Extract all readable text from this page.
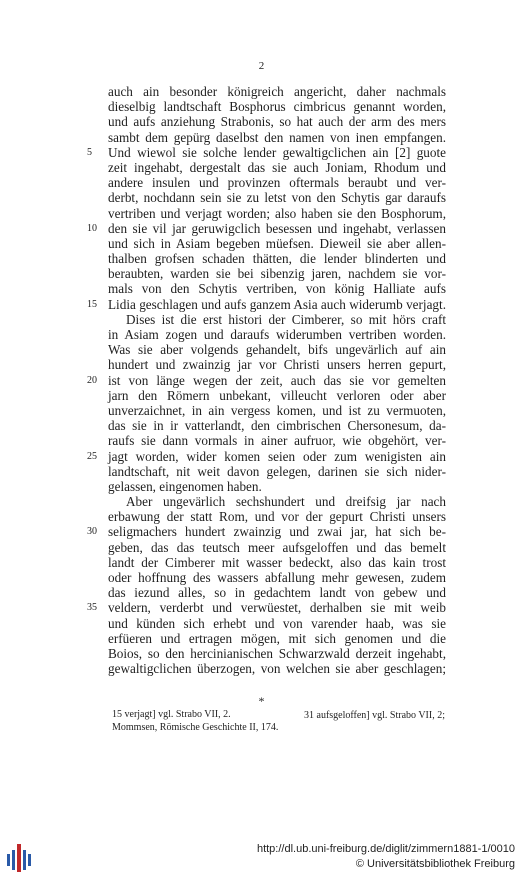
2
auch ain besonder königreich angericht, daher nachmals
dieselbig landtschaft Bosphorus cimbricus genannt worden,
und aufs anziehung Strabonis, so hat auch der arm des mers
sambt dem gepürg daselbst den namen von inen empfangen.
Und wiewol sie solche lender gewaltigclichen ain [2] guote
5
zeit ingehabt, dergestalt das sie auch Joniam, Rhodum und
andere insulen und provinzen oftermals beraubt und ver-
derbt, nochdann sein sie zu letst von den Schytis gar daraufs
vertriben und verjagt worden; also haben sie den Bosphorum,
den sie vil jar geruwigclich besessen und ingehabt, verlassen
10
und sich in Asiam begeben müefsen. Dieweil sie aber allen-
thalben grofsen schaden thätten, die lender blinderten und
beraubten, warden sie bei sibenzig jaren, nachdem sie vor-
mals von den Schytis vertriben, von könig Halliate aufs
Lidia geschlagen und aufs ganzem Asia auch widerumb verjagt.
15
Dises ist die erst histori der Cimberer, so mit hörs craft
in Asiam zogen und daraufs widerumben vertriben worden.
Was sie aber volgends gehandelt, bifs ungevärlich auf ain
hundert und zwainzig jar vor Christi unsers herren gepurt,
ist von länge wegen der zeit, auch das sie vor gemelten
20
jarn den Römern unbekant, villeucht verloren oder aber
unverzaichnet, in ain vergess komen, und ist zu vermuoten,
das sie in ir vatterlandt, den cimbrischen Chersonesum, da-
raufs sie dann vormals in ainer aufruor, wie obgehört, ver-
jagt worden, wider komen seien oder zum wenigisten ain
25
landtschaft, nit weit davon gelegen, darinen sie sich nider-
gelassen, eingenomen haben.
Aber ungevärlich sechshundert und dreifsig jar nach
erbawung der statt Rom, und vor der gepurt Christi unsers
seligmachers hundert zwainzig und zwai jar, hat sich be-
30
geben, das das teutsch meer aufsgeloffen und das bemelt
landt der Cimberer mit wasser bedeckt, also das kain trost
oder hoffnung des wassers abfallung mehr gewesen, zudem
das iezund alles, so in gedachtem landt von gebew und
veldern, verderbt und verwüestet, derhalben sie mit weib
35
und künden sich erhebt und von varender haab, was sie
erfüeren und ertragen mögen, mit sich genomen und die
Boios, so den hercinianischen Schwarzwald derzeit ingehabt,
gewaltigclichen überzogen, von welchen sie aber geschlagen;
*
15 verjagt] vgl. Strabo VII, 2.
Mommsen, Römische Geschichte II, 174.
31 aufsgeloffen] vgl. Strabo VII, 2;
http://dl.ub.uni-freiburg.de/diglit/zimmern1881-1/0010
© Universitätsbibliothek Freiburg
